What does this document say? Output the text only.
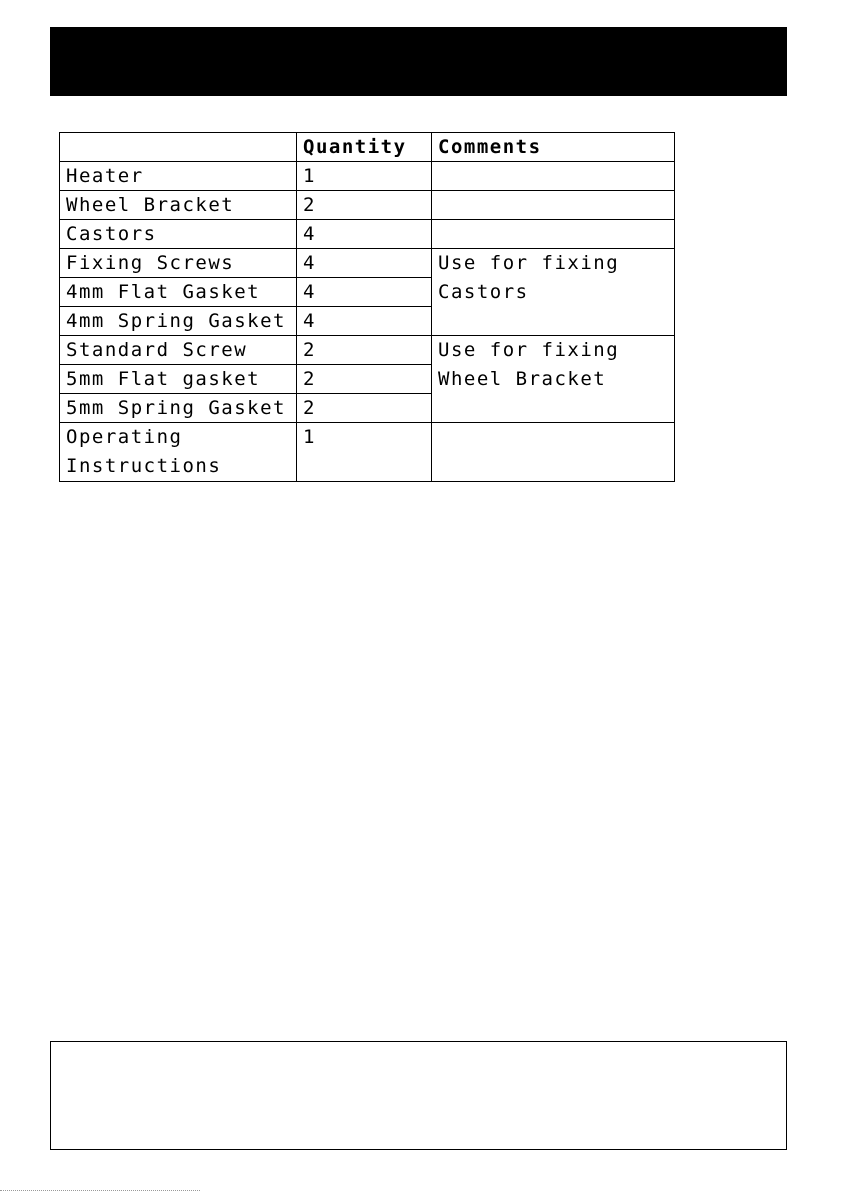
	Quantity	Comments
Heater	1	
Wheel Bracket	2	
Castors	4	
Fixing Screws	4	Use for fixing Castors
4mm Flat Gasket	4	
4mm Spring Gasket	4	
Standard Screw	2	Use for fixing Wheel Bracket
5mm Flat gasket	2	
5mm Spring Gasket	2	
Operating Instructions	1	
